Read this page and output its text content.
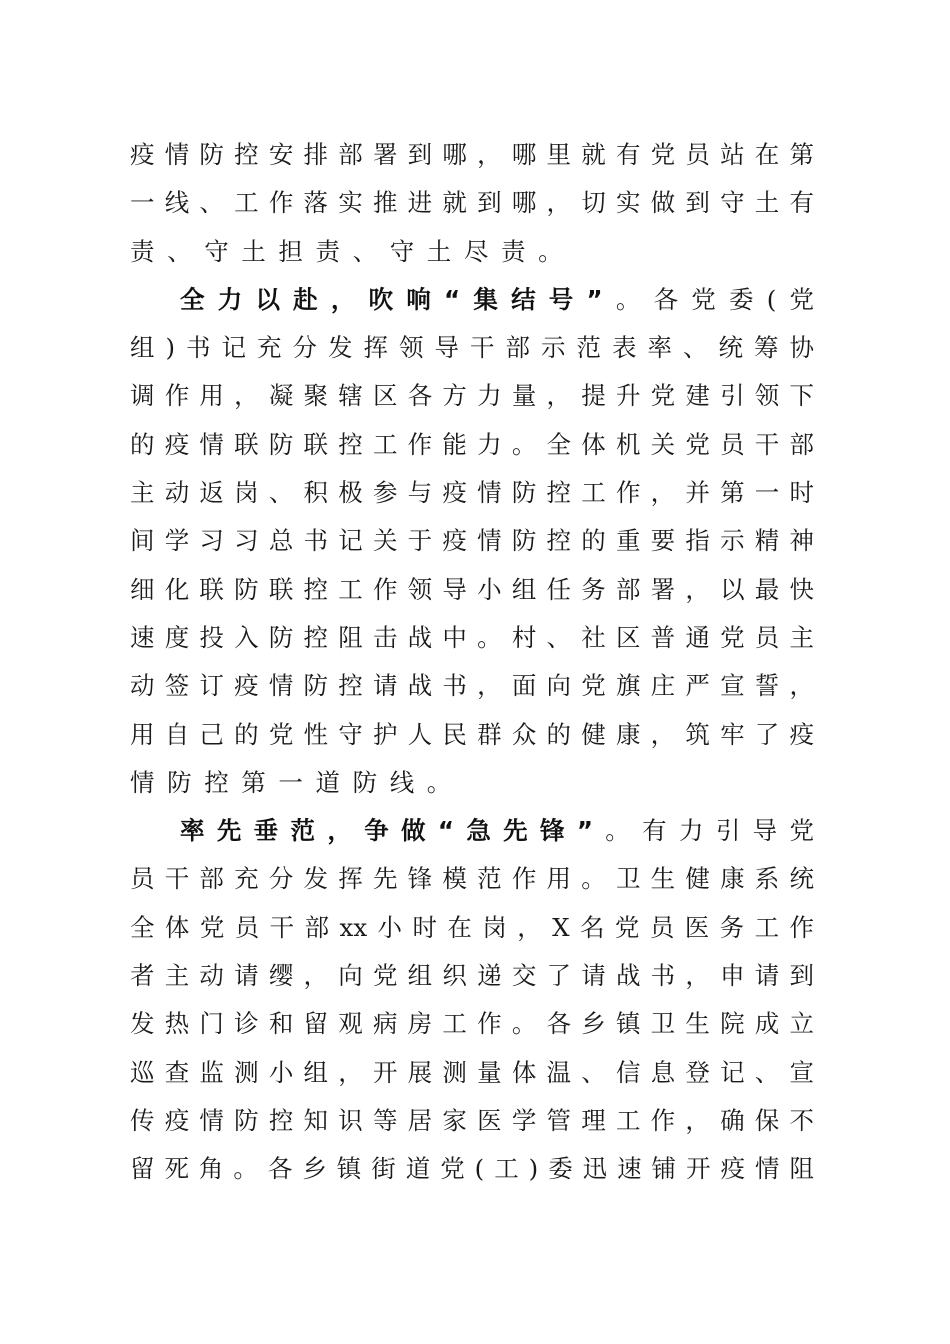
疫情防控安排部署到哪，哪里就有党员站在第
一线、工作落实推进就到哪，切实做到守土有
责、守土担责、守土尽责。
全力以赴，吹响“集结号”。各党委(党
组)书记充分发挥领导干部示范表率、统筹协
调作用，凝聚辖区各方力量，提升党建引领下
的疫情联防联控工作能力。全体机关党员干部
主动返岗、积极参与疫情防控工作，并第一时
间学习习总书记关于疫情防控的重要指示精神
细化联防联控工作领导小组任务部署，以最快
速度投入防控阻击战中。村、社区普通党员主
动签订疫情防控请战书，面向党旗庄严宣誓，
用自己的党性守护人民群众的健康，筑牢了疫
情防控第一道防线。
率先垂范，争做“急先锋”。有力引导党
员干部充分发挥先锋模范作用。卫生健康系统
全体党员干部xx小时在岗，X名党员医务工作
者主动请缨，向党组织递交了请战书，申请到
发热门诊和留观病房工作。各乡镇卫生院成立
巡查监测小组，开展测量体温、信息登记、宣
传疫情防控知识等居家医学管理工作，确保不
留死角。各乡镇街道党(工)委迅速铺开疫情阻
